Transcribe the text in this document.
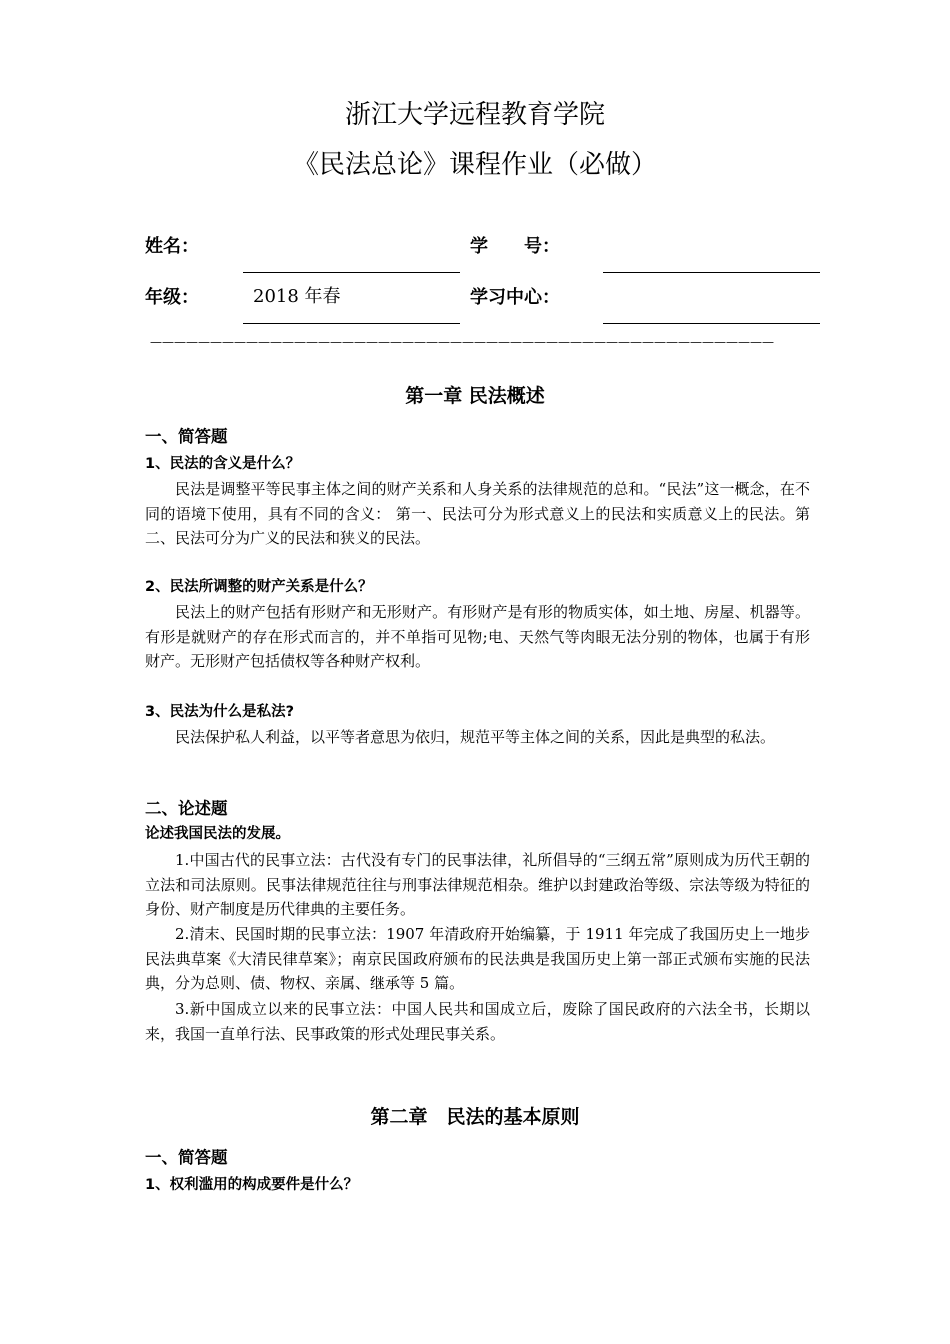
浙江大学远程教育学院
《民法总论》课程作业（必做）
姓名：	学　　号：
年级：	2018 年春	学习中心：
————————————————————————————————————————————————————
第一章 民法概述
一、简答题
1、民法的含义是什么？
民法是调整平等民事主体之间的财产关系和人身关系的法律规范的总和。“民法”这一概念，在不同的语境下使用，具有不同的含义： 第一、民法可分为形式意义上的民法和实质意义上的民法。第二、民法可分为广义的民法和狭义的民法。
2、民法所调整的财产关系是什么？
民法上的财产包括有形财产和无形财产。有形财产是有形的物质实体，如土地、房屋、机器等。有形是就财产的存在形式而言的，并不单指可见物;电、天然气等肉眼无法分别的物体，也属于有形财产。无形财产包括债权等各种财产权利。
3、民法为什么是私法?
民法保护私人利益，以平等者意思为依归，规范平等主体之间的关系，因此是典型的私法。
二、论述题
论述我国民法的发展。
1.中国古代的民事立法：古代没有专门的民事法律，礼所倡导的“三纲五常”原则成为历代王朝的立法和司法原则。民事法律规范往往与刑事法律规范相杂。维护以封建政治等级、宗法等级为特征的身份、财产制度是历代律典的主要任务。
2.清末、民国时期的民事立法：1907 年清政府开始编纂，于 1911 年完成了我国历史上一地步民法典草案《大清民律草案》；南京民国政府颁布的民法典是我国历史上第一部正式颁布实施的民法典，分为总则、债、物权、亲属、继承等 5 篇。
3.新中国成立以来的民事立法：中国人民共和国成立后，废除了国民政府的六法全书，长期以来，我国一直单行法、民事政策的形式处理民事关系。
第二章　民法的基本原则
一、简答题
1、权利滥用的构成要件是什么？
